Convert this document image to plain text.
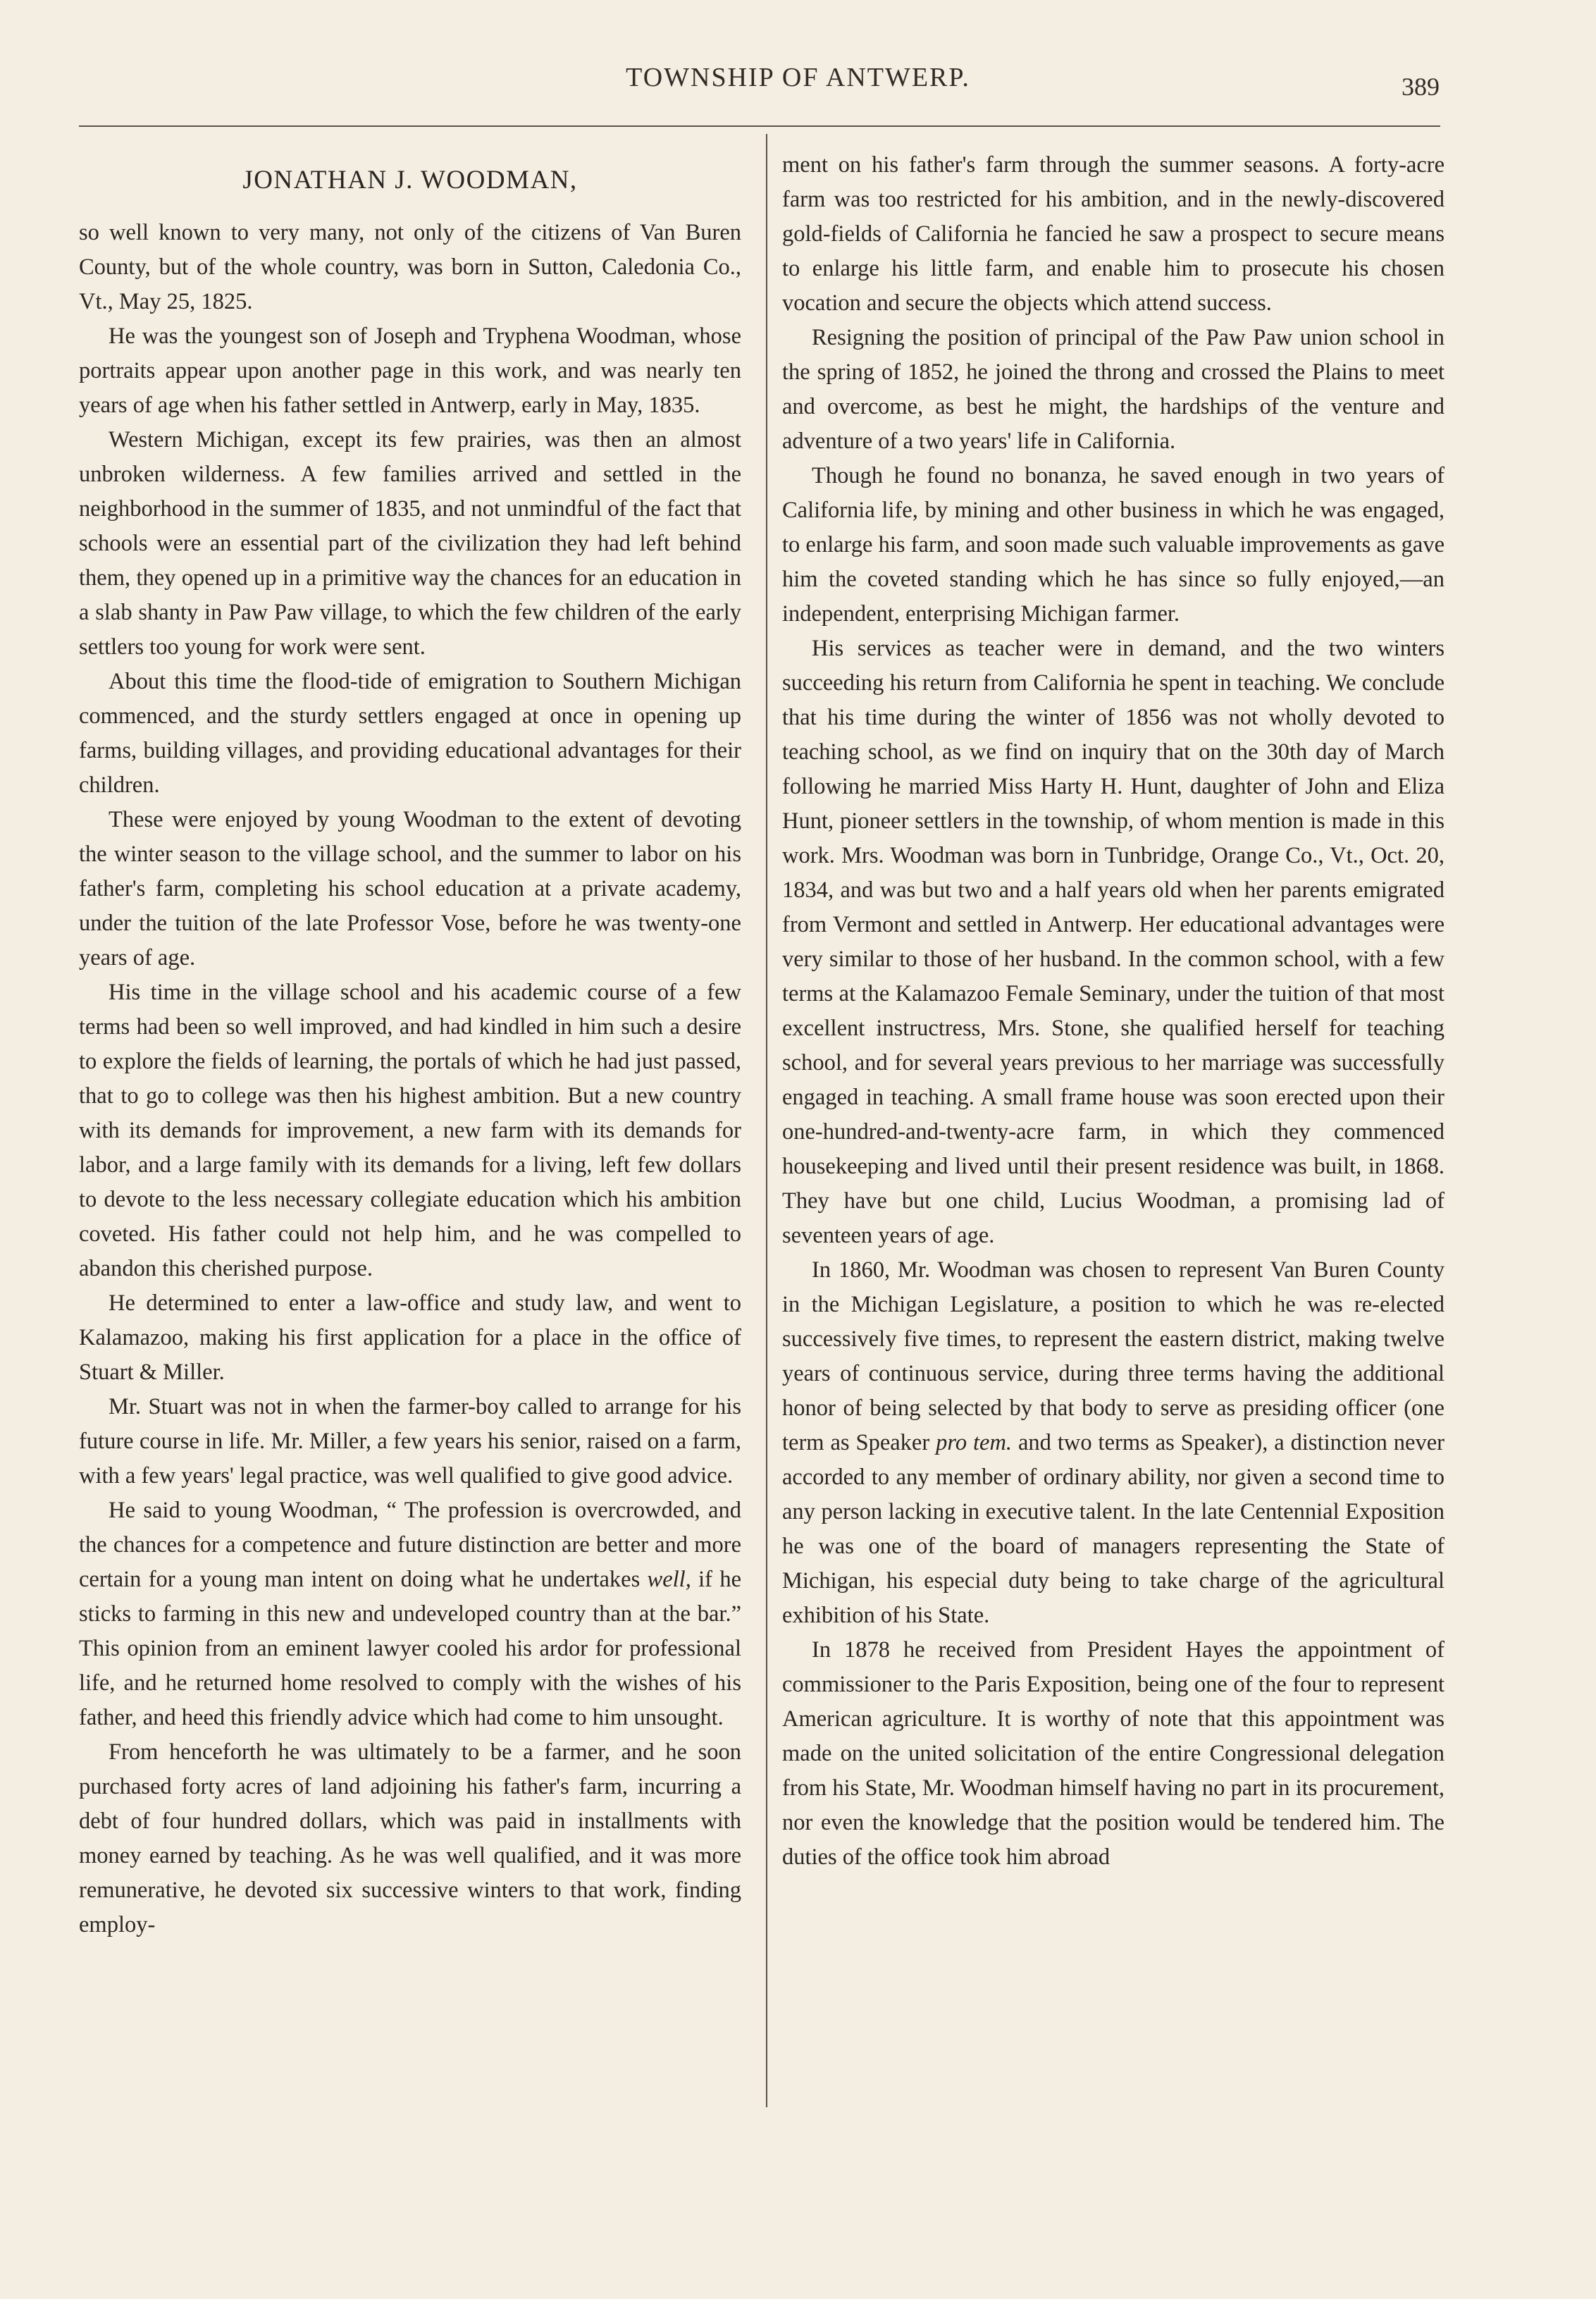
TOWNSHIP OF ANTWERP.	389
JONATHAN J. WOODMAN,

so well known to very many, not only of the citizens of Van Buren County, but of the whole country, was born in Sutton, Caledonia Co., Vt., May 25, 1825.

He was the youngest son of Joseph and Tryphena Woodman, whose portraits appear upon another page in this work, and was nearly ten years of age when his father settled in Antwerp, early in May, 1835.

Western Michigan, except its few prairies, was then an almost unbroken wilderness. A few families arrived and settled in the neighborhood in the summer of 1835, and not unmindful of the fact that schools were an essential part of the civilization they had left behind them, they opened up in a primitive way the chances for an education in a slab shanty in Paw Paw village, to which the few children of the early settlers too young for work were sent.

About this time the flood-tide of emigration to Southern Michigan commenced, and the sturdy settlers engaged at once in opening up farms, building villages, and providing educational advantages for their children.

These were enjoyed by young Woodman to the extent of devoting the winter season to the village school, and the summer to labor on his father's farm, completing his school education at a private academy, under the tuition of the late Professor Vose, before he was twenty-one years of age.

His time in the village school and his academic course of a few terms had been so well improved, and had kindled in him such a desire to explore the fields of learning, the portals of which he had just passed, that to go to college was then his highest ambition. But a new country with its demands for improvement, a new farm with its demands for labor, and a large family with its demands for a living, left few dollars to devote to the less necessary collegiate education which his ambition coveted. His father could not help him, and he was compelled to abandon this cherished purpose.

He determined to enter a law-office and study law, and went to Kalamazoo, making his first application for a place in the office of Stuart & Miller.

Mr. Stuart was not in when the farmer-boy called to arrange for his future course in life. Mr. Miller, a few years his senior, raised on a farm, with a few years' legal practice, was well qualified to give good advice.

He said to young Woodman, “ The profession is overcrowded, and the chances for a competence and future distinction are better and more certain for a young man intent on doing what he undertakes well, if he sticks to farming in this new and undeveloped country than at the bar.” This opinion from an eminent lawyer cooled his ardor for professional life, and he returned home resolved to comply with the wishes of his father, and heed this friendly advice which had come to him unsought.

From henceforth he was ultimately to be a farmer, and he soon purchased forty acres of land adjoining his father's farm, incurring a debt of four hundred dollars, which was paid in installments with money earned by teaching. As he was well qualified, and it was more remunerative, he devoted six successive winters to that work, finding employ-

ment on his father's farm through the summer seasons. A forty-acre farm was too restricted for his ambition, and in the newly-discovered gold-fields of California he fancied he saw a prospect to secure means to enlarge his little farm, and enable him to prosecute his chosen vocation and secure the objects which attend success.

Resigning the position of principal of the Paw Paw union school in the spring of 1852, he joined the throng and crossed the Plains to meet and overcome, as best he might, the hardships of the venture and adventure of a two years' life in California.

Though he found no bonanza, he saved enough in two years of California life, by mining and other business in which he was engaged, to enlarge his farm, and soon made such valuable improvements as gave him the coveted standing which he has since so fully enjoyed,—an independent, enterprising Michigan farmer.

His services as teacher were in demand, and the two winters succeeding his return from California he spent in teaching. We conclude that his time during the winter of 1856 was not wholly devoted to teaching school, as we find on inquiry that on the 30th day of March following he married Miss Harty H. Hunt, daughter of John and Eliza Hunt, pioneer settlers in the township, of whom mention is made in this work. Mrs. Woodman was born in Tunbridge, Orange Co., Vt., Oct. 20, 1834, and was but two and a half years old when her parents emigrated from Vermont and settled in Antwerp. Her educational advantages were very similar to those of her husband. In the common school, with a few terms at the Kalamazoo Female Seminary, under the tuition of that most excellent instructress, Mrs. Stone, she qualified herself for teaching school, and for several years previous to her marriage was successfully engaged in teaching. A small frame house was soon erected upon their one-hundred-and-twenty-acre farm, in which they commenced housekeeping and lived until their present residence was built, in 1868. They have but one child, Lucius Woodman, a promising lad of seventeen years of age.

In 1860, Mr. Woodman was chosen to represent Van Buren County in the Michigan Legislature, a position to which he was re-elected successively five times, to represent the eastern district, making twelve years of continuous service, during three terms having the additional honor of being selected by that body to serve as presiding officer (one term as Speaker pro tem. and two terms as Speaker), a distinction never accorded to any member of ordinary ability, nor given a second time to any person lacking in executive talent. In the late Centennial Exposition he was one of the board of managers representing the State of Michigan, his especial duty being to take charge of the agricultural exhibition of his State.

In 1878 he received from President Hayes the appointment of commissioner to the Paris Exposition, being one of the four to represent American agriculture. It is worthy of note that this appointment was made on the united solicitation of the entire Congressional delegation from his State, Mr. Woodman himself having no part in its procurement, nor even the knowledge that the position would be tendered him. The duties of the office took him abroad
